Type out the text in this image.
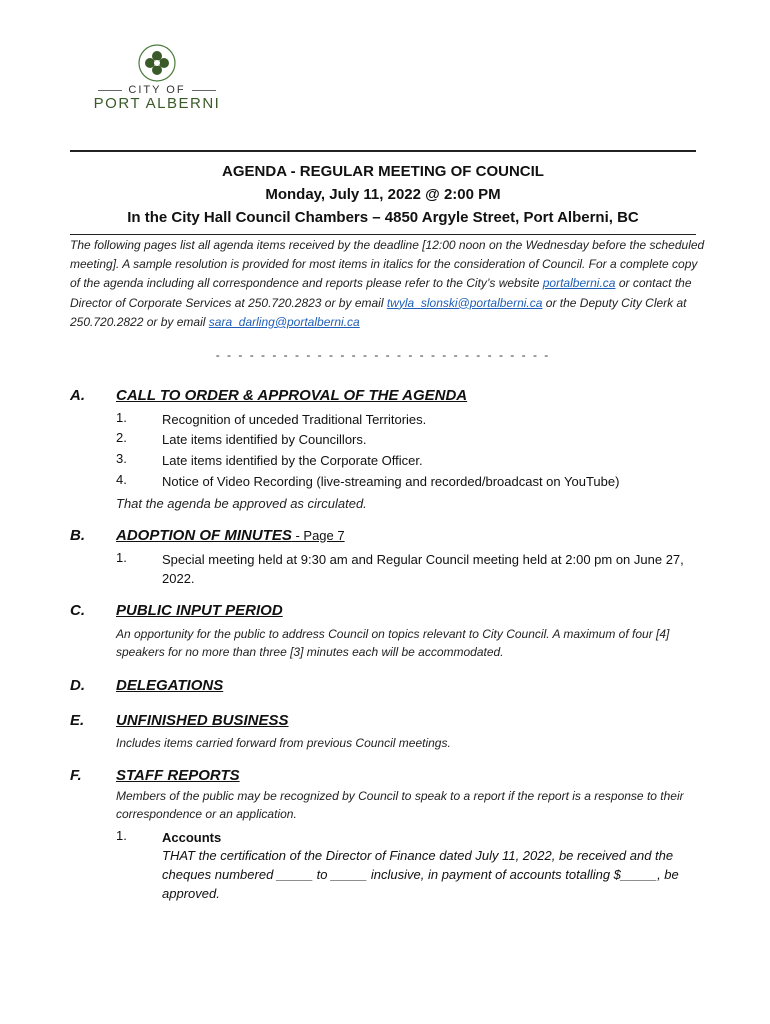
CITY OF
PORT ALBERNI
AGENDA - REGULAR MEETING OF COUNCIL
Monday, July 11, 2022 @ 2:00 PM
In the City Hall Council Chambers – 4850 Argyle Street, Port Alberni, BC
The following pages list all agenda items received by the deadline [12:00 noon on the Wednesday before the scheduled meeting]. A sample resolution is provided for most items in italics for the consideration of Council. For a complete copy of the agenda including all correspondence and reports please refer to the City’s website portalberni.ca or contact the Director of Corporate Services at 250.720.2823 or by email twyla_slonski@portalberni.ca or the Deputy City Clerk at 250.720.2822 or by email sara_darling@portalberni.ca
- - - - - - - - - - - - - - - - - - - - - - - - - - - - - -
A. CALL TO ORDER & APPROVAL OF THE AGENDA
1.	Recognition of unceded Traditional Territories.
2.	Late items identified by Councillors.
3.	Late items identified by the Corporate Officer.
4.	Notice of Video Recording (live-streaming and recorded/broadcast on YouTube)
That the agenda be approved as circulated.
B. ADOPTION OF MINUTES - Page 7
1.	Special meeting held at 9:30 am and Regular Council meeting held at 2:00 pm on June 27, 2022.
C. PUBLIC INPUT PERIOD
An opportunity for the public to address Council on topics relevant to City Council. A maximum of four [4] speakers for no more than three [3] minutes each will be accommodated.
D. DELEGATIONS
E. UNFINISHED BUSINESS
Includes items carried forward from previous Council meetings.
F. STAFF REPORTS
Members of the public may be recognized by Council to speak to a report if the report is a response to their correspondence or an application.
1.	Accounts
THAT the certification of the Director of Finance dated July 11, 2022, be received and the cheques numbered _____ to _____ inclusive, in payment of accounts totalling $_____, be approved.
